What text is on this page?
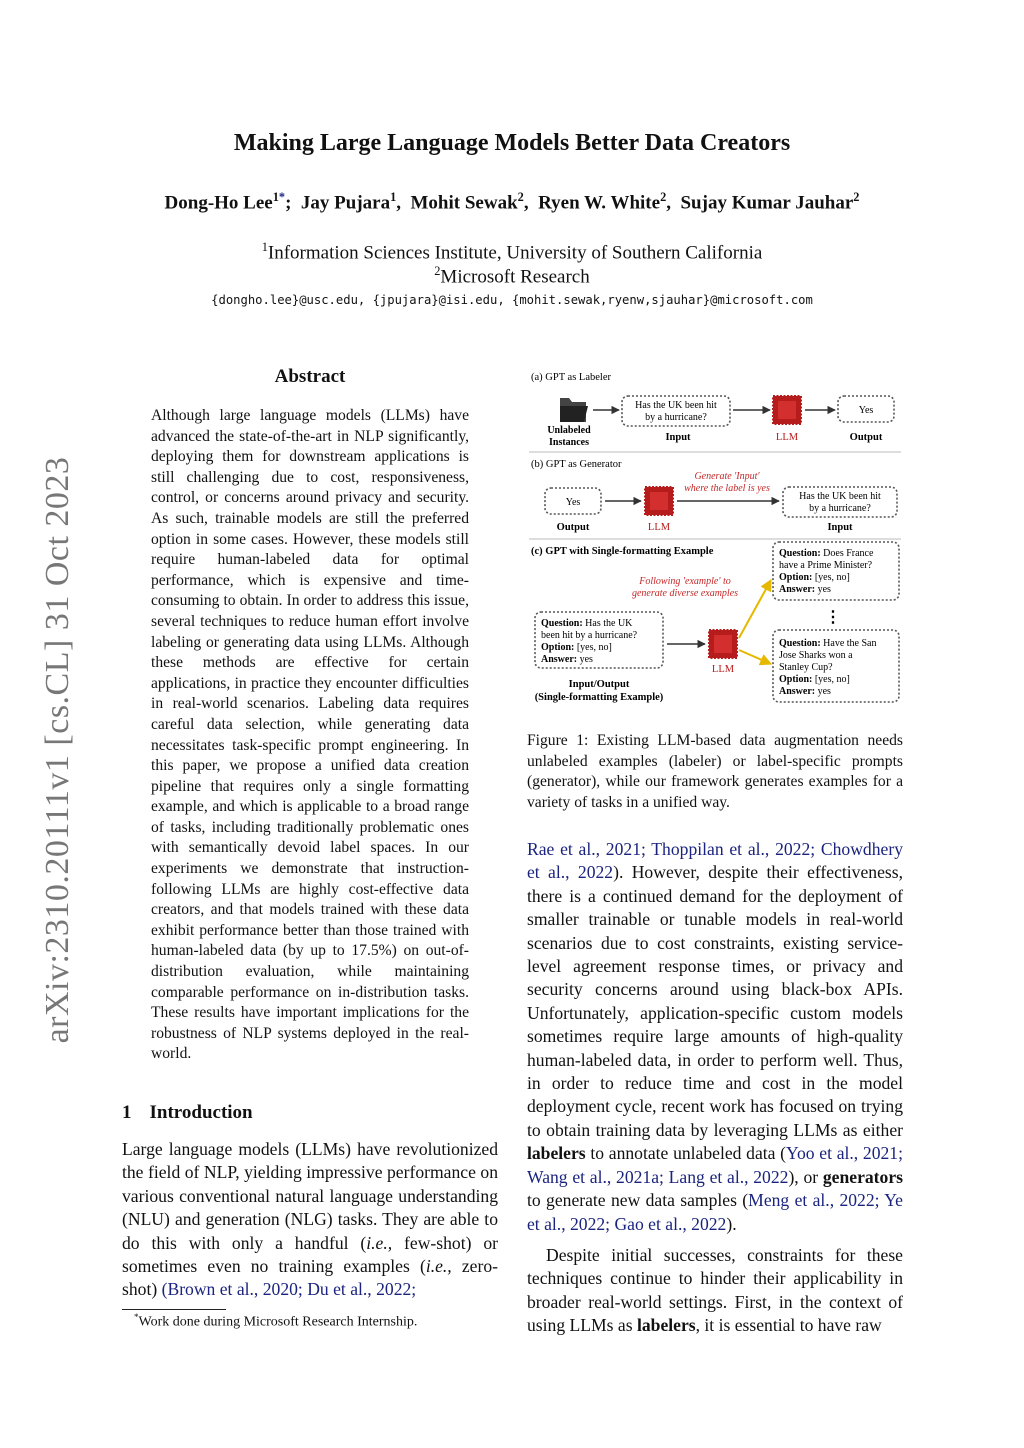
Making Large Language Models Better Data Creators
Dong-Ho Lee$^{1*}$;  Jay Pujara$^1$,  Mohit Sewak$^2$,  Ryen W. White$^2$,  Sujay Kumar Jauhar$^2$
$^1$Information Sciences Institute, University of Southern California
$^2$Microsoft Research
{dongho.lee}@usc.edu, {jpujara}@isi.edu, {mohit.sewak,ryenw,sjauhar}@microsoft.com
arXiv:2310.20111v1 [cs.CL] 31 Oct 2023
Abstract
Although large language models (LLMs) have advanced the state-of-the-art in NLP significantly, deploying them for downstream applications is still challenging due to cost, responsiveness, control, or concerns around privacy and security. As such, trainable models are still the preferred option in some cases. However, these models still require human-labeled data for optimal performance, which is expensive and time-consuming to obtain. In order to address this issue, several techniques to reduce human effort involve labeling or generating data using LLMs. Although these methods are effective for certain applications, in practice they encounter difficulties in real-world scenarios. Labeling data requires careful data selection, while generating data necessitates task-specific prompt engineering. In this paper, we propose a unified data creation pipeline that requires only a single formatting example, and which is applicable to a broad range of tasks, including traditionally problematic ones with semantically devoid label spaces. In our experiments we demonstrate that instruction-following LLMs are highly cost-effective data creators, and that models trained with these data exhibit performance better than those trained with human-labeled data (by up to 17.5%) on out-of-distribution evaluation, while maintaining comparable performance on in-distribution tasks. These results have important implications for the robustness of NLP systems deployed in the real-world.
1 Introduction
Large language models (LLMs) have revolutionized the field of NLP, yielding impressive performance on various conventional natural language understanding (NLU) and generation (NLG) tasks. They are able to do this with only a handful (i.e., few-shot) or sometimes even no training examples (i.e., zero-shot) (Brown et al., 2020; Du et al., 2022;
*Work done during Microsoft Research Internship.
(a) GPT as Labeler
Unlabeled
Instances
Has the UK been hit
by a hurricane?
Input	LLM
Yes
Output
(b) GPT as Generator
Generate 'Input'
where the label is yes
Yes
Output	LLM
Has the UK been hit
by a hurricane?
Input
(c) GPT with Single-formatting Example
Following 'example' to
generate diverse examples
Question: Has the UK
been hit by a hurricane?
Option: [yes, no]
Answer: yes
Input/Output
(Single-formatting Example)
LLM
Question: Does France
have a Prime Minister?
Option: [yes, no]
Answer: yes
⋮
Question: Have the San
Jose Sharks won a
Stanley Cup?
Option: [yes, no]
Answer: yes
Figure 1: Existing LLM-based data augmentation needs unlabeled examples (labeler) or label-specific prompts (generator), while our framework generates examples for a variety of tasks in a unified way.

Rae et al., 2021; Thoppilan et al., 2022; Chowdhery et al., 2022). However, despite their effectiveness, there is a continued demand for the deployment of smaller trainable or tunable models in real-world scenarios due to cost constraints, existing service-level agreement response times, or privacy and security concerns around using black-box APIs. Unfortunately, application-specific custom models sometimes require large amounts of high-quality human-labeled data, in order to perform well. Thus, in order to reduce time and cost in the model deployment cycle, recent work has focused on trying to obtain training data by leveraging LLMs as either labelers to annotate unlabeled data (Yoo et al., 2021; Wang et al., 2021a; Lang et al., 2022), or generators to generate new data samples (Meng et al., 2022; Ye et al., 2022; Gao et al., 2022).

Despite initial successes, constraints for these techniques continue to hinder their applicability in broader real-world settings. First, in the context of using LLMs as labelers, it is essential to have raw
